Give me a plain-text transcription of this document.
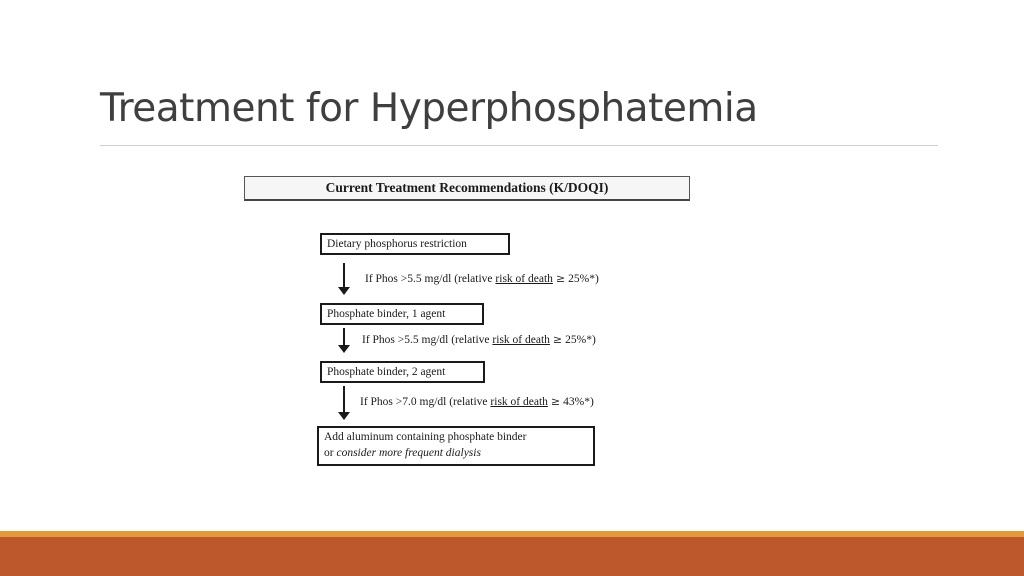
Treatment for Hyperphosphatemia
Current Treatment Recommendations (K/DOQI)
Dietary phosphorus restriction
If Phos >5.5 mg/dl (relative risk of death ≥ 25%*)
Phosphate binder, 1 agent
If Phos >5.5 mg/dl (relative risk of death ≥ 25%*)
Phosphate binder, 2 agent
If Phos >7.0 mg/dl (relative risk of death ≥ 43%*)
Add aluminum containing phosphate binder
or consider more frequent dialysis
